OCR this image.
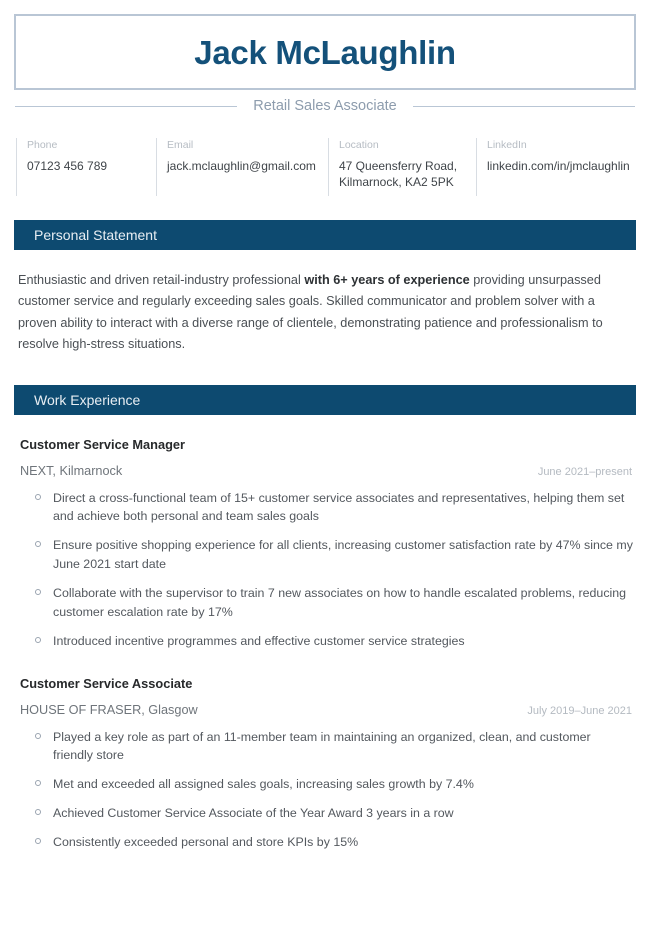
Jack McLaughlin
Retail Sales Associate
Phone
07123 456 789
Email
jack.mclaughlin@gmail.com
Location
47 Queensferry Road, Kilmarnock, KA2 5PK
LinkedIn
linkedin.com/in/jmclaughlin
Personal Statement

Enthusiastic and driven retail-industry professional with 6+ years of experience providing unsurpassed customer service and regularly exceeding sales goals. Skilled communicator and problem solver with a proven ability to interact with a diverse range of clientele, demonstrating patience and professionalism to resolve high-stress situations.

Work Experience
Customer Service Manager
NEXT, Kilmarnock	June 2021–present
Direct a cross-functional team of 15+ customer service associates and representatives, helping them set and achieve both personal and team sales goals
Ensure positive shopping experience for all clients, increasing customer satisfaction rate by 47% since my June 2021 start date
Collaborate with the supervisor to train 7 new associates on how to handle escalated problems, reducing customer escalation rate by 17%
Introduced incentive programmes and effective customer service strategies
Customer Service Associate
HOUSE OF FRASER, Glasgow	July 2019–June 2021
Played a key role as part of an 11-member team in maintaining an organized, clean, and customer friendly store
Met and exceeded all assigned sales goals, increasing sales growth by 7.4%
Achieved Customer Service Associate of the Year Award 3 years in a row
Consistently exceeded personal and store KPIs by 15%
